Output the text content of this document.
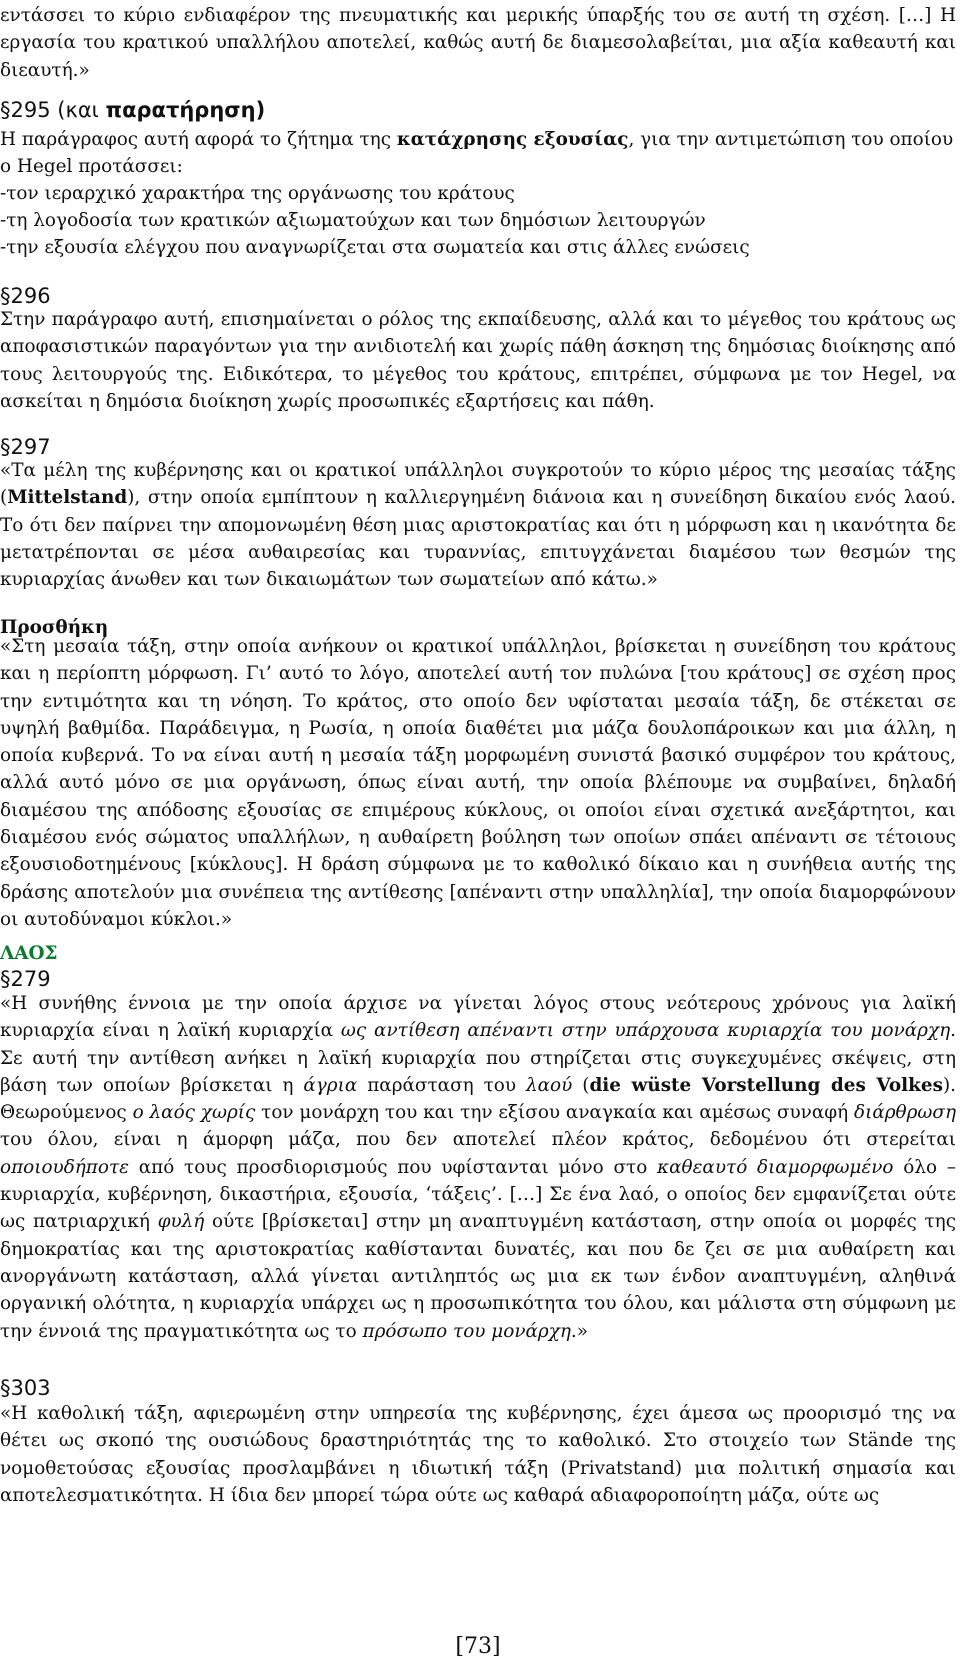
εντάσσει το κύριο ενδιαφέρον της πνευματικής και μερικής ύπαρξής του σε αυτή τη σχέση. […] Η εργασία του κρατικού υπαλλήλου αποτελεί, καθώς αυτή δε διαμεσολαβείται, μια αξία καθεαυτή και διεαυτή.»

§295 (και παρατήρηση)

Η παράγραφος αυτή αφορά το ζήτημα της κατάχρησης εξουσίας, για την αντιμετώπιση του οποίου ο Hegel προτάσσει:

-τον ιεραρχικό χαρακτήρα της οργάνωσης του κράτους

-τη λογοδοσία των κρατικών αξιωματούχων και των δημόσιων λειτουργών

-την εξουσία ελέγχου που αναγνωρίζεται στα σωματεία και στις άλλες ενώσεις

§296

Στην παράγραφο αυτή, επισημαίνεται ο ρόλος της εκπαίδευσης, αλλά και το μέγεθος του κράτους ως αποφασιστικών παραγόντων για την ανιδιοτελή και χωρίς πάθη άσκηση της δημόσιας διοίκησης από τους λειτουργούς της. Ειδικότερα, το μέγεθος του κράτους, επιτρέπει, σύμφωνα με τον Hegel, να ασκείται η δημόσια διοίκηση χωρίς προσωπικές εξαρτήσεις και πάθη.

§297

«Τα μέλη της κυβέρνησης και οι κρατικοί υπάλληλοι συγκροτούν το κύριο μέρος της μεσαίας τάξης (Mittelstand), στην οποία εμπίπτουν η καλλιεργημένη διάνοια και η συνείδηση δικαίου ενός λαού. Το ότι δεν παίρνει την απομονωμένη θέση μιας αριστοκρατίας και ότι η μόρφωση και η ικανότητα δε μετατρέπονται σε μέσα αυθαιρεσίας και τυραννίας, επιτυγχάνεται διαμέσου των θεσμών της κυριαρχίας άνωθεν και των δικαιωμάτων των σωματείων από κάτω.»

Προσθήκη

«Στη μεσαία τάξη, στην οποία ανήκουν οι κρατικοί υπάλληλοι, βρίσκεται η συνείδηση του κράτους και η περίοπτη μόρφωση. Γι’ αυτό το λόγο, αποτελεί αυτή τον πυλώνα [του κράτους] σε σχέση προς την εντιμότητα και τη νόηση. Το κράτος, στο οποίο δεν υφίσταται μεσαία τάξη, δε στέκεται σε υψηλή βαθμίδα. Παράδειγμα, η Ρωσία, η οποία διαθέτει μια μάζα δουλοπάροικων και μια άλλη, η οποία κυβερνά. Το να είναι αυτή η μεσαία τάξη μορφωμένη συνιστά βασικό συμφέρον του κράτους, αλλά αυτό μόνο σε μια οργάνωση, όπως είναι αυτή, την οποία βλέπουμε να συμβαίνει, δηλαδή διαμέσου της απόδοσης εξουσίας σε επιμέρους κύκλους, οι οποίοι είναι σχετικά ανεξάρτητοι, και διαμέσου ενός σώματος υπαλλήλων, η αυθαίρετη βούληση των οποίων σπάει απέναντι σε τέτοιους εξουσιοδοτημένους [κύκλους]. Η δράση σύμφωνα με το καθολικό δίκαιο και η συνήθεια αυτής της δράσης αποτελούν μια συνέπεια της αντίθεσης [απέναντι στην υπαλληλία], την οποία διαμορφώνουν οι αυτοδύναμοι κύκλοι.»

ΛΑΟΣ

§279

«Η συνήθης έννοια με την οποία άρχισε να γίνεται λόγος στους νεότερους χρόνους για λαϊκή κυριαρχία είναι η λαϊκή κυριαρχία ως αντίθεση απέναντι στην υπάρχουσα κυριαρχία του μονάρχη. Σε αυτή την αντίθεση ανήκει η λαϊκή κυριαρχία που στηρίζεται στις συγκεχυμένες σκέψεις, στη βάση των οποίων βρίσκεται η άγρια παράσταση του λαού (die wüste Vorstellung des Volkes). Θεωρούμενος ο λαός χωρίς τον μονάρχη του και την εξίσου αναγκαία και αμέσως συναφή διάρθρωση του όλου, είναι η άμορφη μάζα, που δεν αποτελεί πλέον κράτος, δεδομένου ότι στερείται οποιουδήποτε από τους προσδιορισμούς που υφίστανται μόνο στο καθεαυτό διαμορφωμένο όλο –κυριαρχία, κυβέρνηση, δικαστήρια, εξουσία, ‘τάξεις’. […] Σε ένα λαό, ο οποίος δεν εμφανίζεται ούτε ως πατριαρχική φυλή ούτε [βρίσκεται] στην μη αναπτυγμένη κατάσταση, στην οποία οι μορφές της δημοκρατίας και της αριστοκρατίας καθίστανται δυνατές, και που δε ζει σε μια αυθαίρετη και ανοργάνωτη κατάσταση, αλλά γίνεται αντιληπτός ως μια εκ των ένδον αναπτυγμένη, αληθινά οργανική ολότητα, η κυριαρχία υπάρχει ως η προσωπικότητα του όλου, και μάλιστα στη σύμφωνη με την έννοιά της πραγματικότητα ως το πρόσωπο του μονάρχη.»

§303

«Η καθολική τάξη, αφιερωμένη στην υπηρεσία της κυβέρνησης, έχει άμεσα ως προορισμό της να θέτει ως σκοπό της ουσιώδους δραστηριότητάς της το καθολικό. Στο στοιχείο των Stände της νομοθετούσας εξουσίας προσλαμβάνει η ιδιωτική τάξη (Privatstand) μια πολιτική σημασία και αποτελεσματικότητα. Η ίδια δεν μπορεί τώρα ούτε ως καθαρά αδιαφοροποίητη μάζα, ούτε ως

[73]
